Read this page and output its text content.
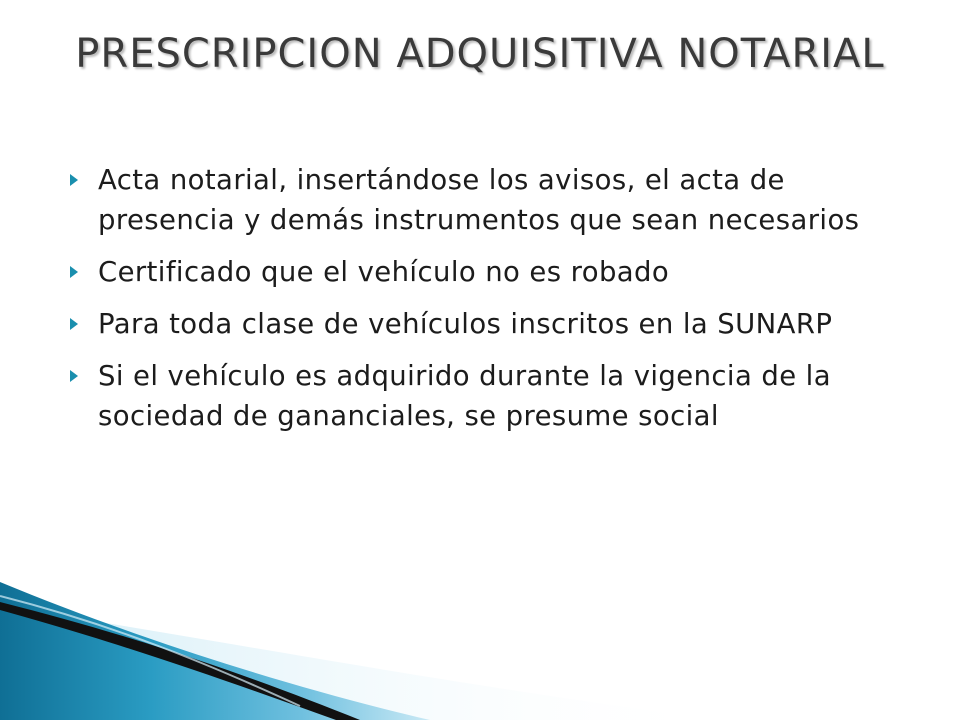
PRESCRIPCION ADQUISITIVA NOTARIAL
Acta notarial, insertándose los avisos, el acta de presencia y demás instrumentos que sean necesarios
Certificado que el vehículo no es robado
Para toda clase de vehículos inscritos en la SUNARP
Si el vehículo es adquirido durante la vigencia de la sociedad de gananciales, se presume social
